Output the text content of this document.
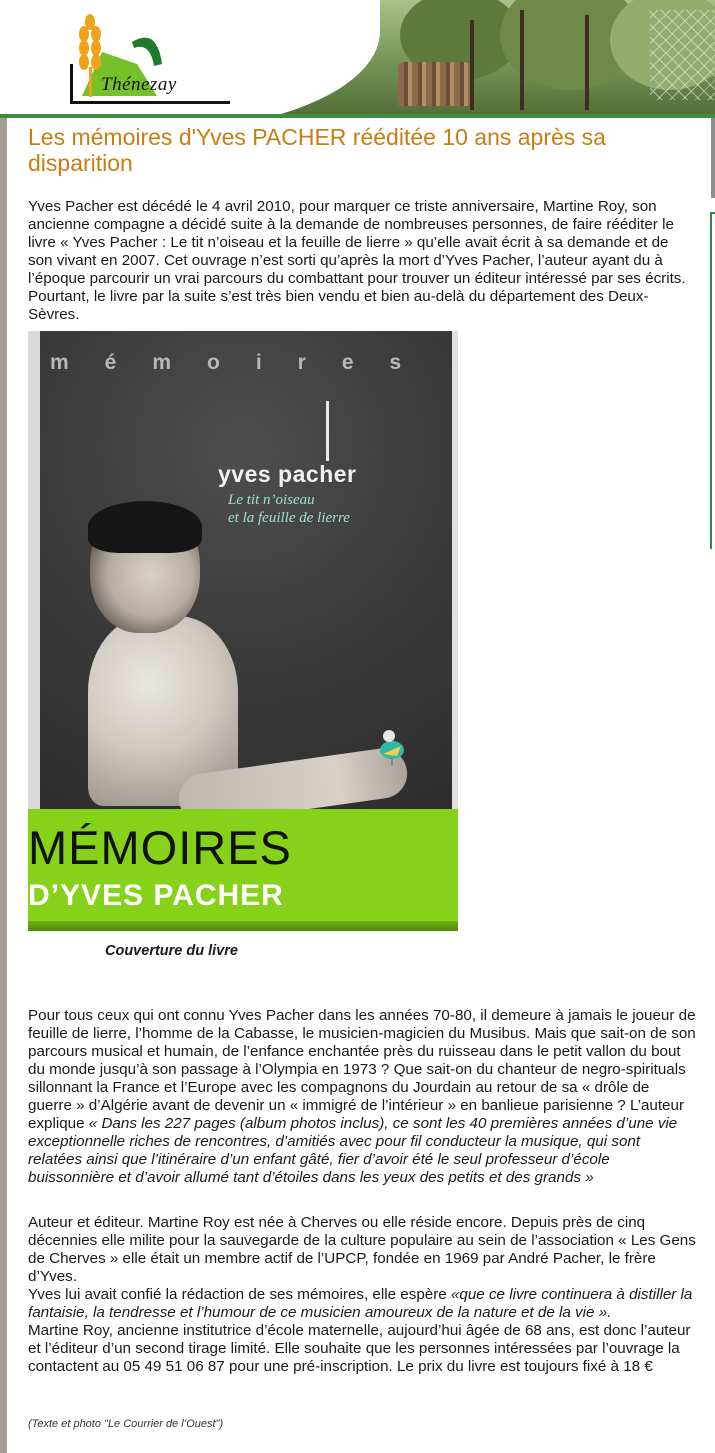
Thénezay
Les mémoires d'Yves PACHER rééditée 10 ans après sa disparition

Yves Pacher est décédé le 4 avril 2010, pour marquer ce triste anniversaire, Martine Roy, son ancienne compagne a décidé suite à la demande de nombreuses personnes, de faire rééditer le livre « Yves Pacher : Le tit n’oiseau et la feuille de lierre » qu’elle avait écrit à sa demande et de son vivant en 2007. Cet ouvrage n’est sorti qu’après la mort d’Yves Pacher, l’auteur ayant du à l’époque parcourir un vrai parcours du combattant pour trouver un éditeur intéressé par ses écrits. Pourtant, le livre par la suite s’est très bien vendu et bien au-delà du département des Deux-Sèvres.

mémoires
yves pacher
Le tit n’oiseau
et la feuille de lierre
MÉMOIRES
D’YVES PACHER

Couverture du livre

Pour tous ceux qui ont connu Yves Pacher dans les années 70-80, il demeure à jamais le joueur de feuille de lierre, l’homme de la Cabasse, le musicien-magicien du Musibus. Mais que sait-on de son parcours musical et humain, de l’enfance enchantée près du ruisseau dans le petit vallon du bout du monde jusqu’à son passage à l’Olympia en 1973 ? Que sait-on du chanteur de negro-spirituals sillonnant la France et l’Europe avec les compagnons du Jourdain au retour de sa « drôle de guerre » d’Algérie avant de devenir un « immigré de l’intérieur » en banlieue parisienne ? L’auteur explique « Dans les 227 pages (album photos inclus), ce sont les 40 premières années d’une vie exceptionnelle riches de rencontres, d’amitiés avec pour fil conducteur la musique, qui sont relatées ainsi que l’itinéraire d’un enfant gâté, fier d’avoir été le seul professeur d’école buissonnière et d’avoir allumé tant d’étoiles dans les yeux des petits et des grands »

Auteur et éditeur. Martine Roy est née à Cherves ou elle réside encore. Depuis près de cinq décennies elle milite pour la sauvegarde de la culture populaire au sein de l’association « Les Gens de Cherves » elle était un membre actif de l’UPCP, fondée en 1969 par André Pacher, le frère d’Yves.
Yves lui avait confié la rédaction de ses mémoires, elle espère «que ce livre continuera à distiller la fantaisie, la tendresse et l’humour de ce musicien amoureux de la nature et de la vie ».
Martine Roy, ancienne institutrice d’école maternelle, aujourd’hui âgée de 68 ans, est donc l’auteur et l’éditeur d’un second tirage limité. Elle souhaite que les personnes intéressées par l’ouvrage la contactent au 05 49 51 06 87 pour une pré-inscription. Le prix du livre est toujours fixé à 18 €

(Texte et photo "Le Courrier de l’Ouest")
